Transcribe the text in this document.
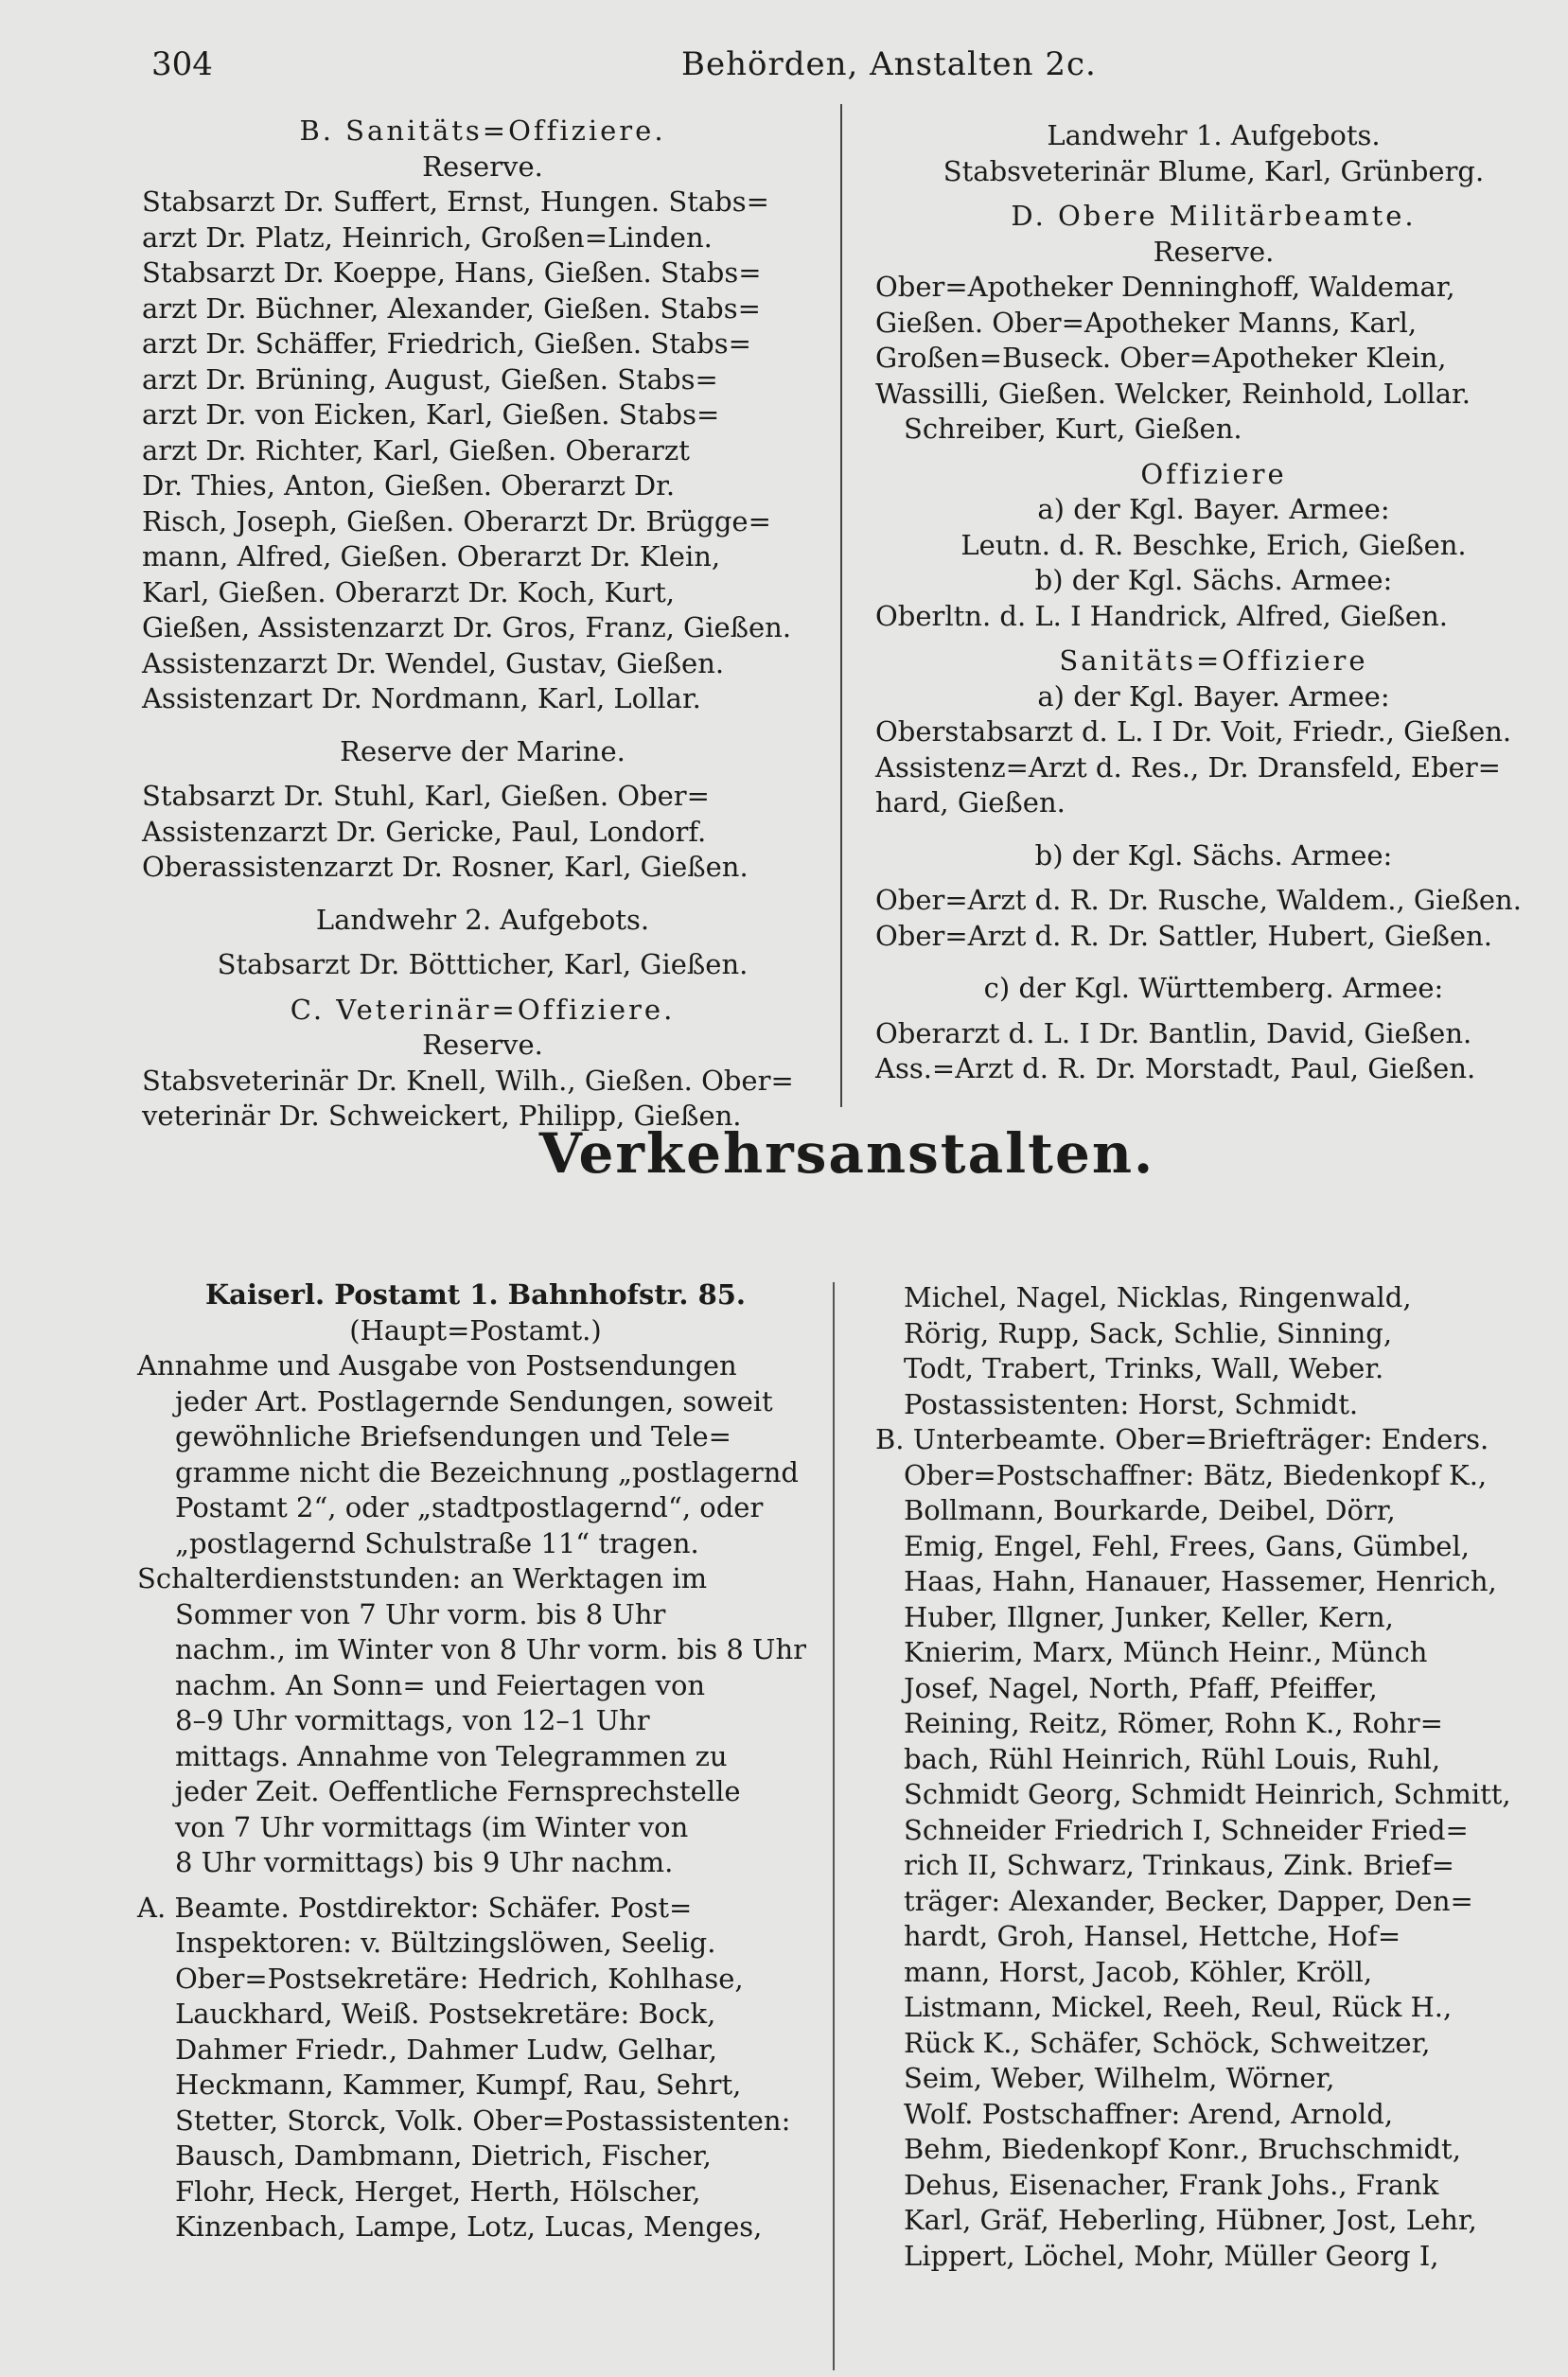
304	Behörden, Anstalten 2c.

B. Sanitäts=Offiziere.

Reserve.

Stabsarzt Dr. Suffert, Ernst, Hungen. Stabs=

arzt Dr. Platz, Heinrich, Großen=Linden.

Stabsarzt Dr. Koeppe, Hans, Gießen. Stabs=

arzt Dr. Büchner, Alexander, Gießen. Stabs=

arzt Dr. Schäffer, Friedrich, Gießen. Stabs=

arzt Dr. Brüning, August, Gießen. Stabs=

arzt Dr. von Eicken, Karl, Gießen. Stabs=

arzt Dr. Richter, Karl, Gießen. Oberarzt

Dr. Thies, Anton, Gießen. Oberarzt Dr.

Risch, Joseph, Gießen. Oberarzt Dr. Brügge=

mann, Alfred, Gießen. Oberarzt Dr. Klein,

Karl, Gießen. Oberarzt Dr. Koch, Kurt,

Gießen, Assistenzarzt Dr. Gros, Franz, Gießen.

Assistenzarzt Dr. Wendel, Gustav, Gießen.

Assistenzart Dr. Nordmann, Karl, Lollar.

Reserve der Marine.

Stabsarzt Dr. Stuhl, Karl, Gießen. Ober=

Assistenzarzt Dr. Gericke, Paul, Londorf.

Oberassistenzarzt Dr. Rosner, Karl, Gießen.

Landwehr 2. Aufgebots.

Stabsarzt Dr. Böttticher, Karl, Gießen.

C. Veterinär=Offiziere.

Reserve.

Stabsveterinär Dr. Knell, Wilh., Gießen. Ober=

veterinär Dr. Schweickert, Philipp, Gießen.

Landwehr 1. Aufgebots.

Stabsveterinär Blume, Karl, Grünberg.

D. Obere Militärbeamte.

Reserve.

Ober=Apotheker Denninghoff, Waldemar,

Gießen. Ober=Apotheker Manns, Karl,

Großen=Buseck. Ober=Apotheker Klein,

Wassilli, Gießen. Welcker, Reinhold, Lollar.

Schreiber, Kurt, Gießen.

Offiziere

a) der Kgl. Bayer. Armee:

Leutn. d. R. Beschke, Erich, Gießen.

b) der Kgl. Sächs. Armee:

Oberltn. d. L. I Handrick, Alfred, Gießen.

Sanitäts=Offiziere

a) der Kgl. Bayer. Armee:

Oberstabsarzt d. L. I Dr. Voit, Friedr., Gießen.

Assistenz=Arzt d. Res., Dr. Dransfeld, Eber=

hard, Gießen.

b) der Kgl. Sächs. Armee:

Ober=Arzt d. R. Dr. Rusche, Waldem., Gießen.

Ober=Arzt d. R. Dr. Sattler, Hubert, Gießen.

c) der Kgl. Württemberg. Armee:

Oberarzt d. L. I Dr. Bantlin, David, Gießen.

Ass.=Arzt d. R. Dr. Morstadt, Paul, Gießen.

Verkehrsanstalten.

Kaiserl. Postamt 1. Bahnhofstr. 85.

(Haupt=Postamt.)

Annahme und Ausgabe von Postsendungen

jeder Art. Postlagernde Sendungen, soweit

gewöhnliche Briefsendungen und Tele=

gramme nicht die Bezeichnung „postlagernd

Postamt 2“, oder „stadtpostlagernd“, oder

„postlagernd Schulstraße 11“ tragen.

Schalterdienststunden: an Werktagen im

Sommer von 7 Uhr vorm. bis 8 Uhr

nachm., im Winter von 8 Uhr vorm. bis 8 Uhr

nachm. An Sonn= und Feiertagen von

8–9 Uhr vormittags, von 12–1 Uhr

mittags. Annahme von Telegrammen zu

jeder Zeit. Oeffentliche Fernsprechstelle

von 7 Uhr vormittags (im Winter von

8 Uhr vormittags) bis 9 Uhr nachm.

A. Beamte. Postdirektor: Schäfer. Post=

Inspektoren: v. Bültzingslöwen, Seelig.

Ober=Postsekretäre: Hedrich, Kohlhase,

Lauckhard, Weiß. Postsekretäre: Bock,

Dahmer Friedr., Dahmer Ludw, Gelhar,

Heckmann, Kammer, Kumpf, Rau, Sehrt,

Stetter, Storck, Volk. Ober=Postassistenten:

Bausch, Dambmann, Dietrich, Fischer,

Flohr, Heck, Herget, Herth, Hölscher,

Kinzenbach, Lampe, Lotz, Lucas, Menges,

Michel, Nagel, Nicklas, Ringenwald,

Rörig, Rupp, Sack, Schlie, Sinning,

Todt, Trabert, Trinks, Wall, Weber.

Postassistenten: Horst, Schmidt.

B. Unterbeamte. Ober=Briefträger: Enders.

Ober=Postschaffner: Bätz, Biedenkopf K.,

Bollmann, Bourkarde, Deibel, Dörr,

Emig, Engel, Fehl, Frees, Gans, Gümbel,

Haas, Hahn, Hanauer, Hassemer, Henrich,

Huber, Illgner, Junker, Keller, Kern,

Knierim, Marx, Münch Heinr., Münch

Josef, Nagel, North, Pfaff, Pfeiffer,

Reining, Reitz, Römer, Rohn K., Rohr=

bach, Rühl Heinrich, Rühl Louis, Ruhl,

Schmidt Georg, Schmidt Heinrich, Schmitt,

Schneider Friedrich I, Schneider Fried=

rich II, Schwarz, Trinkaus, Zink. Brief=

träger: Alexander, Becker, Dapper, Den=

hardt, Groh, Hansel, Hettche, Hof=

mann, Horst, Jacob, Köhler, Kröll,

Listmann, Mickel, Reeh, Reul, Rück H.,

Rück K., Schäfer, Schöck, Schweitzer,

Seim, Weber, Wilhelm, Wörner,

Wolf. Postschaffner: Arend, Arnold,

Behm, Biedenkopf Konr., Bruchschmidt,

Dehus, Eisenacher, Frank Johs., Frank

Karl, Gräf, Heberling, Hübner, Jost, Lehr,

Lippert, Löchel, Mohr, Müller Georg I,
